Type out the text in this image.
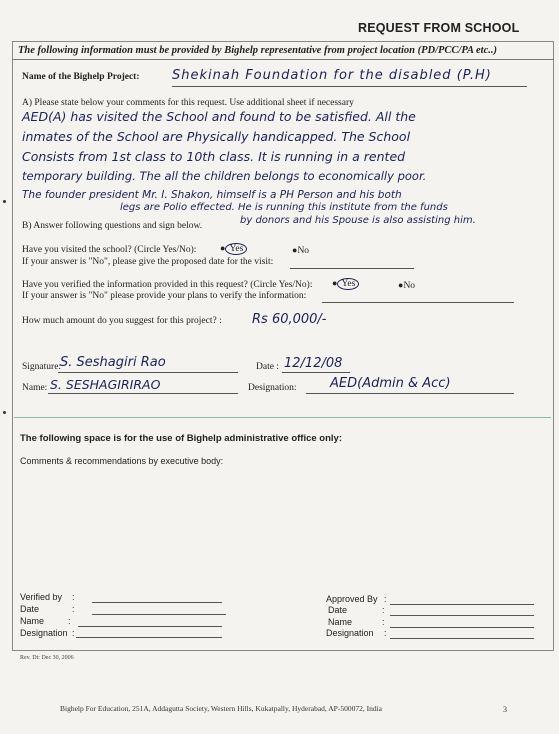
REQUEST FROM SCHOOL
The following information must be provided by Bighelp representative from project location (PD/PCC/PA etc..)
Name of the Bighelp Project:	Shekinah Foundation for the disabled (P.H)
A) Please state below your comments for this request. Use additional sheet if necessary
AED(A) has visited the School and found to be satisfied. All the
inmates of the School are Physically handicapped. The School
Consists from 1st class to 10th class. It is running in a rented
temporary building. The all the children belongs to economically poor.
The founder president Mr. I. Shakon, himself is a PH Person and his both
legs are Polio effected. He is running this institute from the funds
by donors and his Spouse is also assisting him.
B) Answer following questions and sign below.
Have you visited the school? (Circle Yes/No):	● Yes	●No
If your answer is "No", please give the proposed date for the visit:
Have you verified the information provided in this request? (Circle Yes/No): ● Yes	●No
If your answer is "No" please provide your plans to verify the information:
How much amount do you suggest for this project? : Rs 60,000/-
Signature:
S. Seshagiri Rao	Date : 12/12/08
Name: S. SESHAGIRIRAO	Designation:	AED(Admin & Acc)
The following space is for the use of Bighelp administrative office only:
Comments & recommendations by executive body:
Verified by :
Date	:
Name	:
Designation :
Approved By :
Date	:
Name	:
Designation :
Rev. Dt: Dec 30, 2006
Bighelp For Education, 251A, Addagutta Society, Western Hills, Kukatpally, Hyderabad, AP-500072, India	3
